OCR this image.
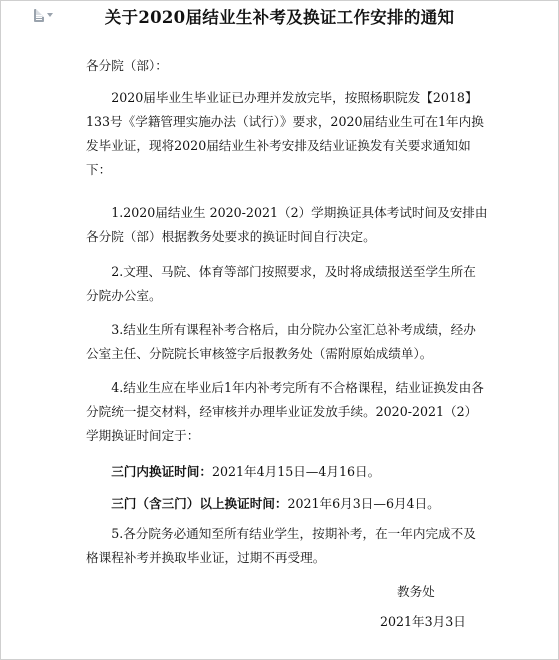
关于2020届结业生补考及换证工作安排的通知

各分院（部）：

2020届毕业生毕业证已办理并发放完毕，按照杨职院发【2018】133号《学籍管理实施办法（试行）》要求，2020届结业生可在1年内换发毕业证，现将2020届结业生补考安排及结业证换发有关要求通知如下：

1.2020届结业生 2020-2021（2）学期换证具体考试时间及安排由各分院（部）根据教务处要求的换证时间自行决定。

2.文理、马院、体育等部门按照要求，及时将成绩报送至学生所在分院办公室。

3.结业生所有课程补考合格后，由分院办公室汇总补考成绩，经办公室主任、分院院长审核签字后报教务处（需附原始成绩单）。

4.结业生应在毕业后1年内补考完所有不合格课程，结业证换发由各分院统一提交材料，经审核并办理毕业证发放手续。2020-2021（2）学期换证时间定于：

三门内换证时间：2021年4月15日—4月16日。

三门（含三门）以上换证时间：2021年6月3日—6月4日。

5.各分院务必通知至所有结业学生，按期补考，在一年内完成不及格课程补考并换取毕业证，过期不再受理。

教务处
2021年3月3日
